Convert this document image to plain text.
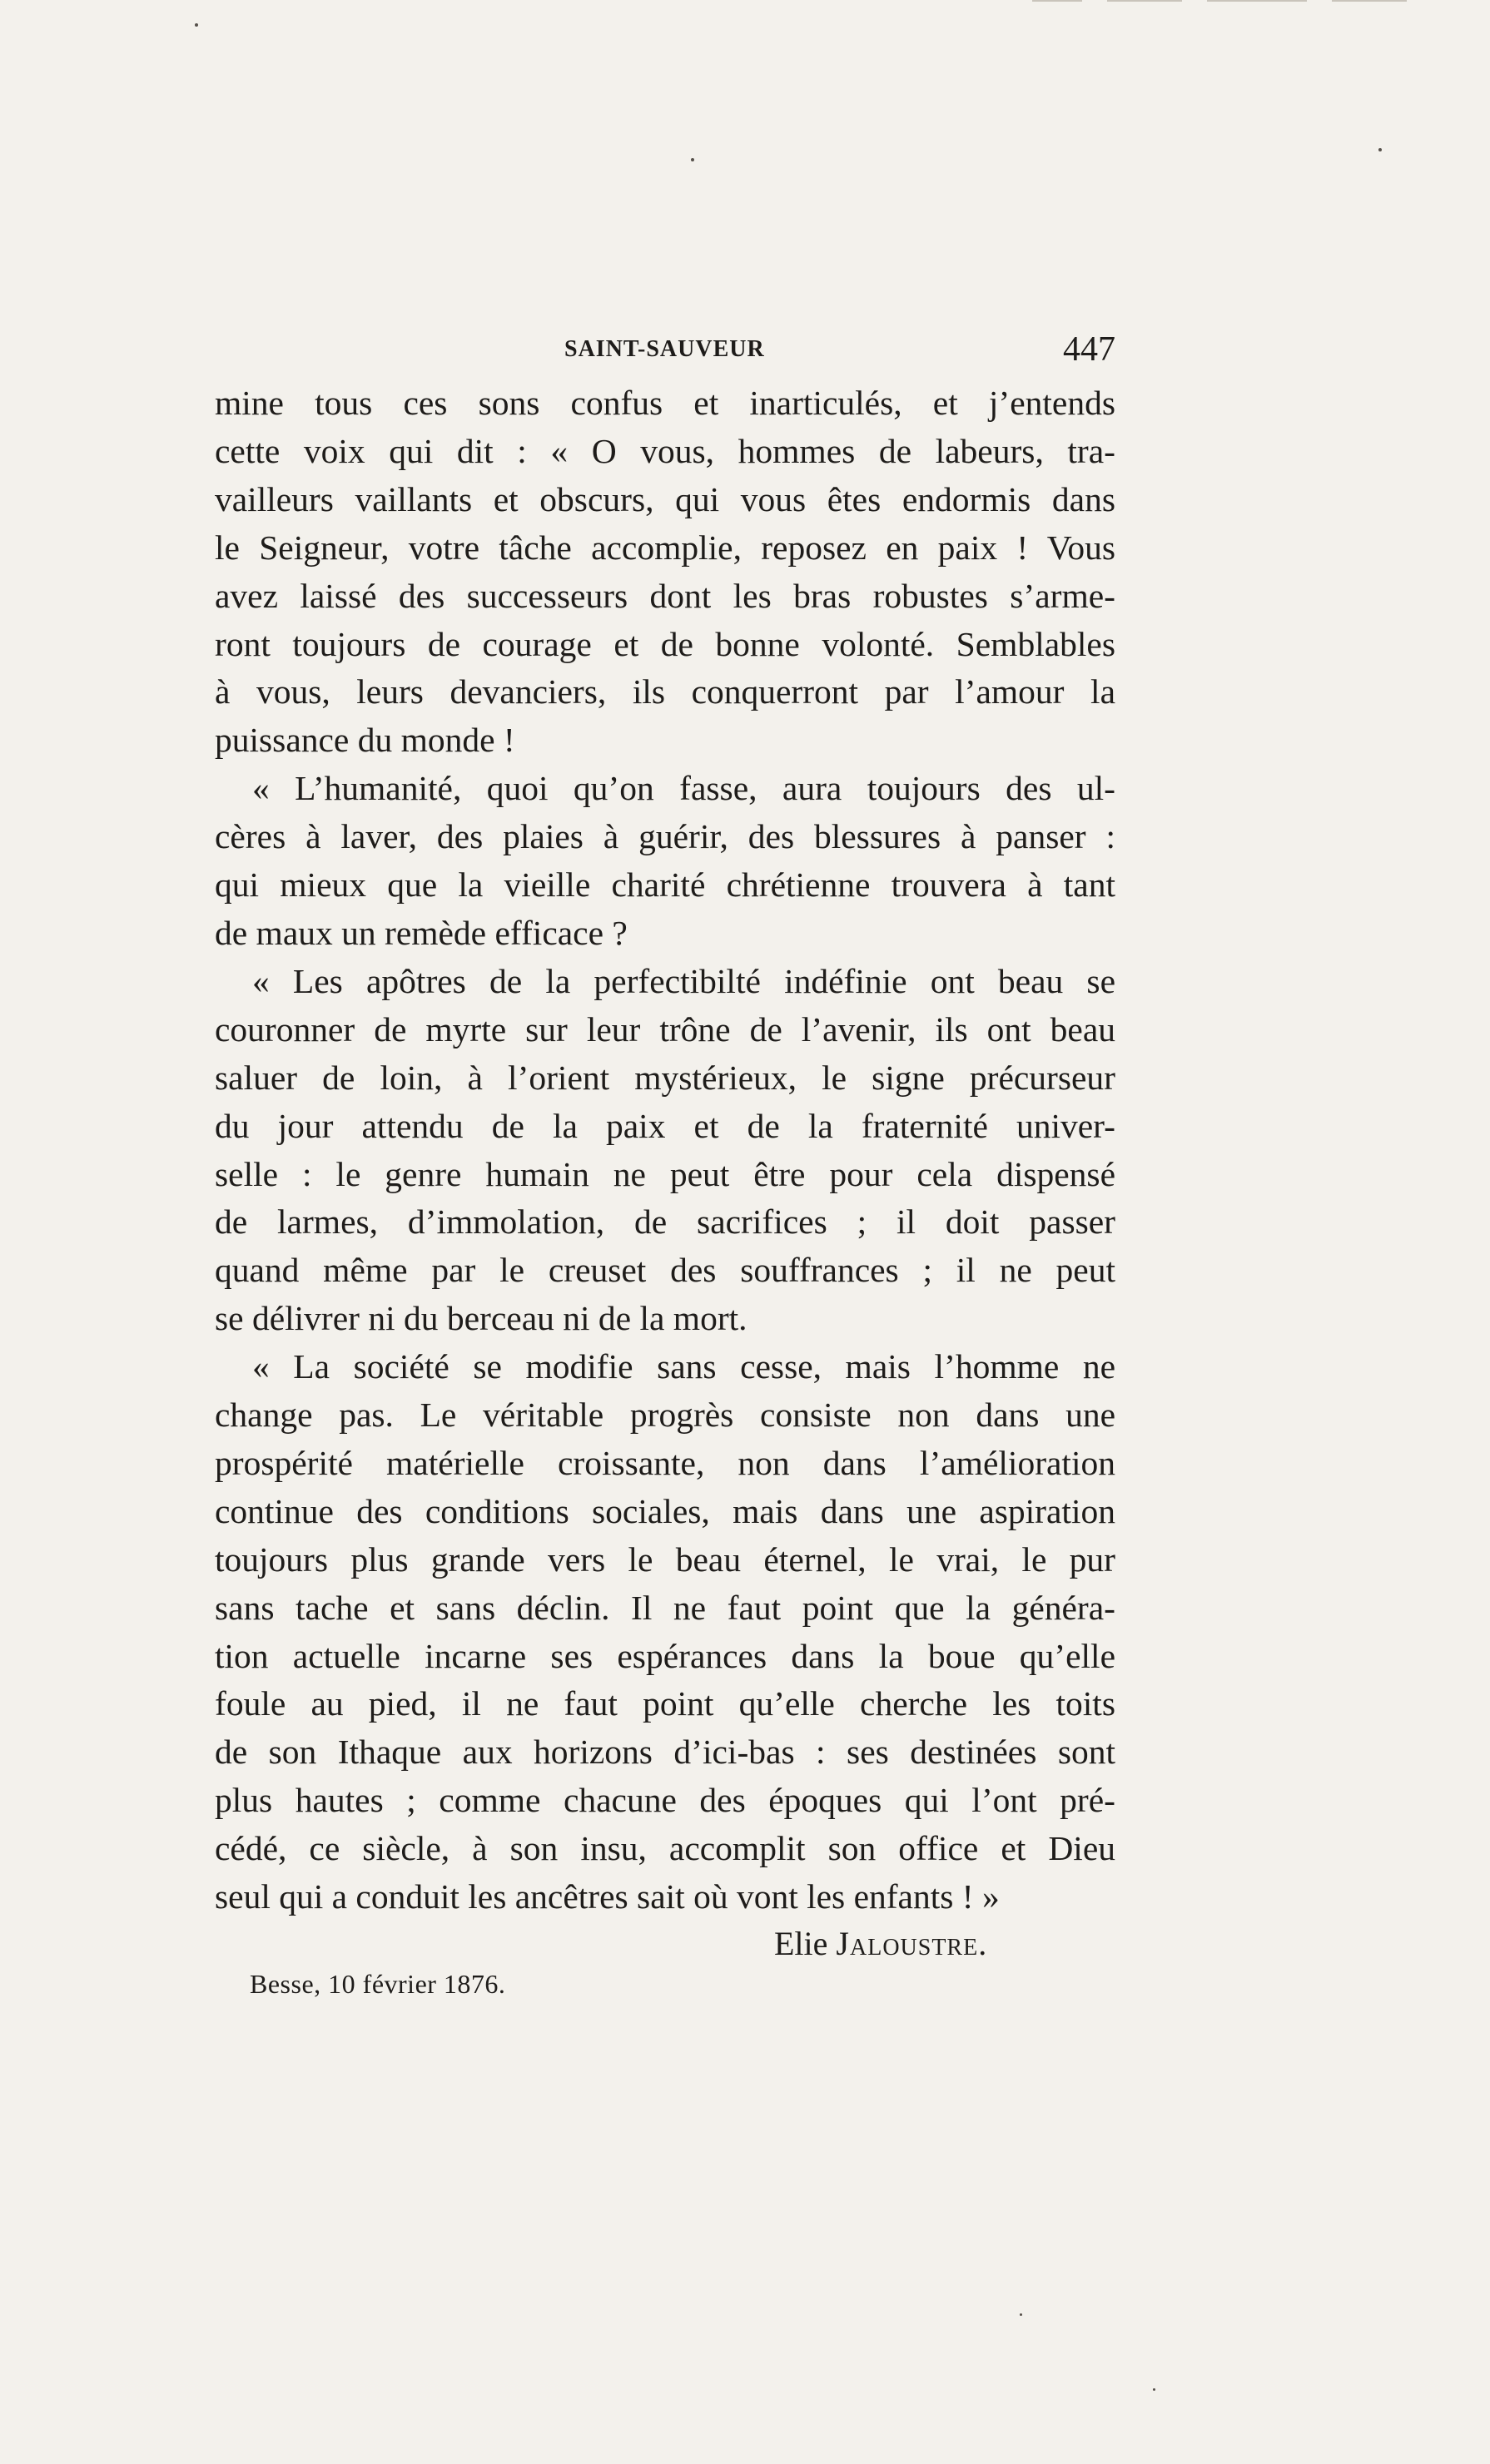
SAINT-SAUVEUR	447
mine tous ces sons confus et inarticulés, et j’entends
cette voix qui dit : « O vous, hommes de labeurs, tra-
vailleurs vaillants et obscurs, qui vous êtes endormis dans
le Seigneur, votre tâche accomplie, reposez en paix ! Vous
avez laissé des successeurs dont les bras robustes s’arme-
ront toujours de courage et de bonne volonté. Semblables
à vous, leurs devanciers, ils conquerront par l’amour la
puissance du monde !
« L’humanité, quoi qu’on fasse, aura toujours des ul-
cères à laver, des plaies à guérir, des blessures à panser :
qui mieux que la vieille charité chrétienne trouvera à tant
de maux un remède efficace ?
« Les apôtres de la perfectibilté indéfinie ont beau se
couronner de myrte sur leur trône de l’avenir, ils ont beau
saluer de loin, à l’orient mystérieux, le signe précurseur
du jour attendu de la paix et de la fraternité univer-
selle : le genre humain ne peut être pour cela dispensé
de larmes, d’immolation, de sacrifices ; il doit passer
quand même par le creuset des souffrances ; il ne peut
se délivrer ni du berceau ni de la mort.
« La société se modifie sans cesse, mais l’homme ne
change pas. Le véritable progrès consiste non dans une
prospérité matérielle croissante, non dans l’amélioration
continue des conditions sociales, mais dans une aspiration
toujours plus grande vers le beau éternel, le vrai, le pur
sans tache et sans déclin. Il ne faut point que la généra-
tion actuelle incarne ses espérances dans la boue qu’elle
foule au pied, il ne faut point qu’elle cherche les toits
de son Ithaque aux horizons d’ici-bas : ses destinées sont
plus hautes ; comme chacune des époques qui l’ont pré-
cédé, ce siècle, à son insu, accomplit son office et Dieu
seul qui a conduit les ancêtres sait où vont les enfants ! »
Elie Jaloustre.
Besse, 10 février 1876.
